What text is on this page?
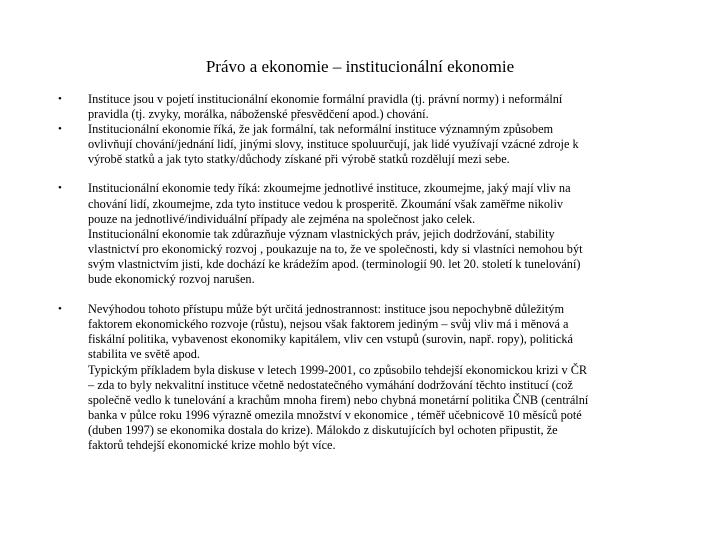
Právo a ekonomie – institucionální ekonomie
•	Instituce jsou v pojetí institucionální ekonomie formální pravidla (tj. právní normy) i neformální
pravidla (tj. zvyky, morálka, náboženské přesvědčení apod.) chování.
•	Institucionální ekonomie říká, že jak formální, tak neformální instituce významným způsobem
ovlivňují chování/jednání lidí, jinými slovy, instituce spoluurčují, jak lidé využívají vzácné zdroje k
výrobě statků a jak tyto statky/důchody získané při výrobě statků rozdělují mezi sebe.
•	Institucionální ekonomie tedy říká: zkoumejme jednotlivé instituce, zkoumejme, jaký mají vliv na
chování lidí, zkoumejme, zda tyto instituce vedou k prosperitě. Zkoumání však zaměřme nikoliv
pouze na jednotlivé/individuální případy ale zejména na společnost jako celek.
Institucionální ekonomie tak zdůrazňuje význam vlastnických práv, jejich dodržování, stability
vlastnictví pro ekonomický rozvoj , poukazuje na to, že ve společnosti, kdy si vlastníci nemohou být
svým vlastnictvím jisti, kde dochází ke krádežím apod. (terminologií 90. let 20. století k tunelování)
bude ekonomický rozvoj narušen.
•	Nevýhodou tohoto přístupu může být určitá jednostrannost: instituce jsou nepochybně důležitým
faktorem ekonomického rozvoje (růstu), nejsou však faktorem jediným – svůj vliv má i měnová a
fiskální politika, vybavenost ekonomiky kapitálem, vliv cen vstupů (surovin, např. ropy), politická
stabilita ve světě apod.
Typickým příkladem byla diskuse v letech 1999-2001, co způsobilo tehdejší ekonomickou krizi v ČR
– zda to byly nekvalitní instituce včetně nedostatečného vymáhání dodržování těchto institucí (což
společně vedlo k tunelování a krachům mnoha firem) nebo chybná monetární politika ČNB (centrální
banka v půlce roku 1996 výrazně omezila množství v ekonomice , téměř učebnicově 10 měsíců poté
(duben 1997) se ekonomika dostala do krize). Málokdo z diskutujících byl ochoten připustit, že
faktorů tehdejší ekonomické krize mohlo být více.
